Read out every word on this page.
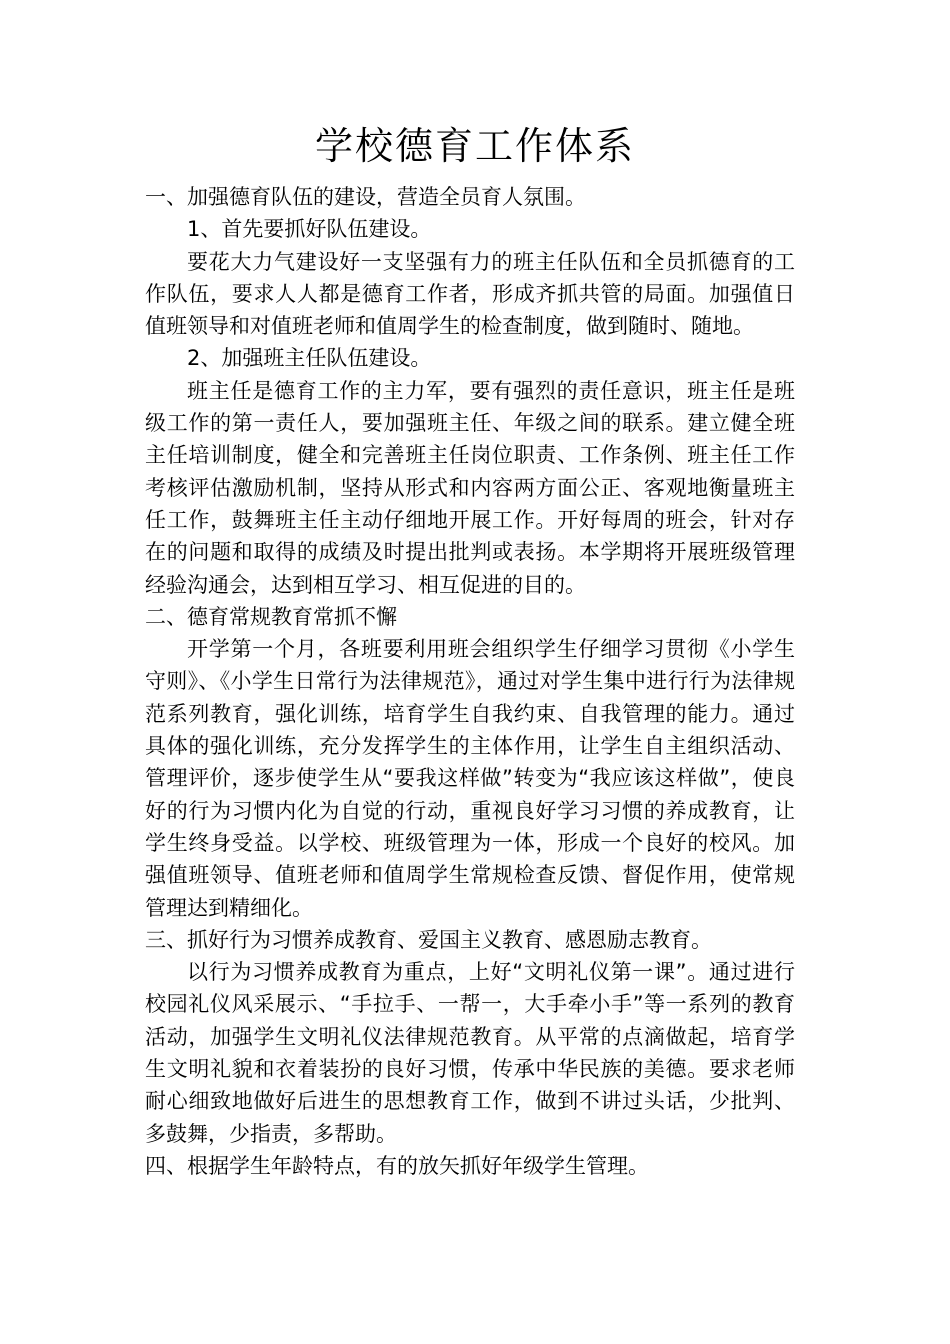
学校德育工作体系

一、加强德育队伍的建设，营造全员育人氛围。

1、首先要抓好队伍建设。

要花大力气建设好一支坚强有力的班主任队伍和全员抓德育的工作队伍，要求人人都是德育工作者，形成齐抓共管的局面。加强值日值班领导和对值班老师和值周学生的检查制度，做到随时、随地。

2、加强班主任队伍建设。

班主任是德育工作的主力军，要有强烈的责任意识，班主任是班级工作的第一责任人，要加强班主任、年级之间的联系。建立健全班主任培训制度，健全和完善班主任岗位职责、工作条例、班主任工作考核评估激励机制，坚持从形式和内容两方面公正、客观地衡量班主任工作，鼓舞班主任主动仔细地开展工作。开好每周的班会，针对存在的问题和取得的成绩及时提出批判或表扬。本学期将开展班级管理经验沟通会，达到相互学习、相互促进的目的。

二、德育常规教育常抓不懈

开学第一个月，各班要利用班会组织学生仔细学习贯彻《小学生守则》、《小学生日常行为法律规范》，通过对学生集中进行行为法律规范系列教育，强化训练，培育学生自我约束、自我管理的能力。通过具体的强化训练，充分发挥学生的主体作用，让学生自主组织活动、管理评价，逐步使学生从“要我这样做”转变为“我应该这样做”，使良好的行为习惯内化为自觉的行动，重视良好学习习惯的养成教育，让学生终身受益。以学校、班级管理为一体，形成一个良好的校风。加强值班领导、值班老师和值周学生常规检查反馈、督促作用，使常规管理达到精细化。

三、抓好行为习惯养成教育、爱国主义教育、感恩励志教育。

以行为习惯养成教育为重点，上好“文明礼仪第一课”。通过进行校园礼仪风采展示、“手拉手、一帮一，大手牵小手”等一系列的教育活动，加强学生文明礼仪法律规范教育。从平常的点滴做起，培育学生文明礼貌和衣着装扮的良好习惯，传承中华民族的美德。要求老师耐心细致地做好后进生的思想教育工作，做到不讲过头话，少批判、多鼓舞，少指责，多帮助。

四、根据学生年龄特点，有的放矢抓好年级学生管理。
